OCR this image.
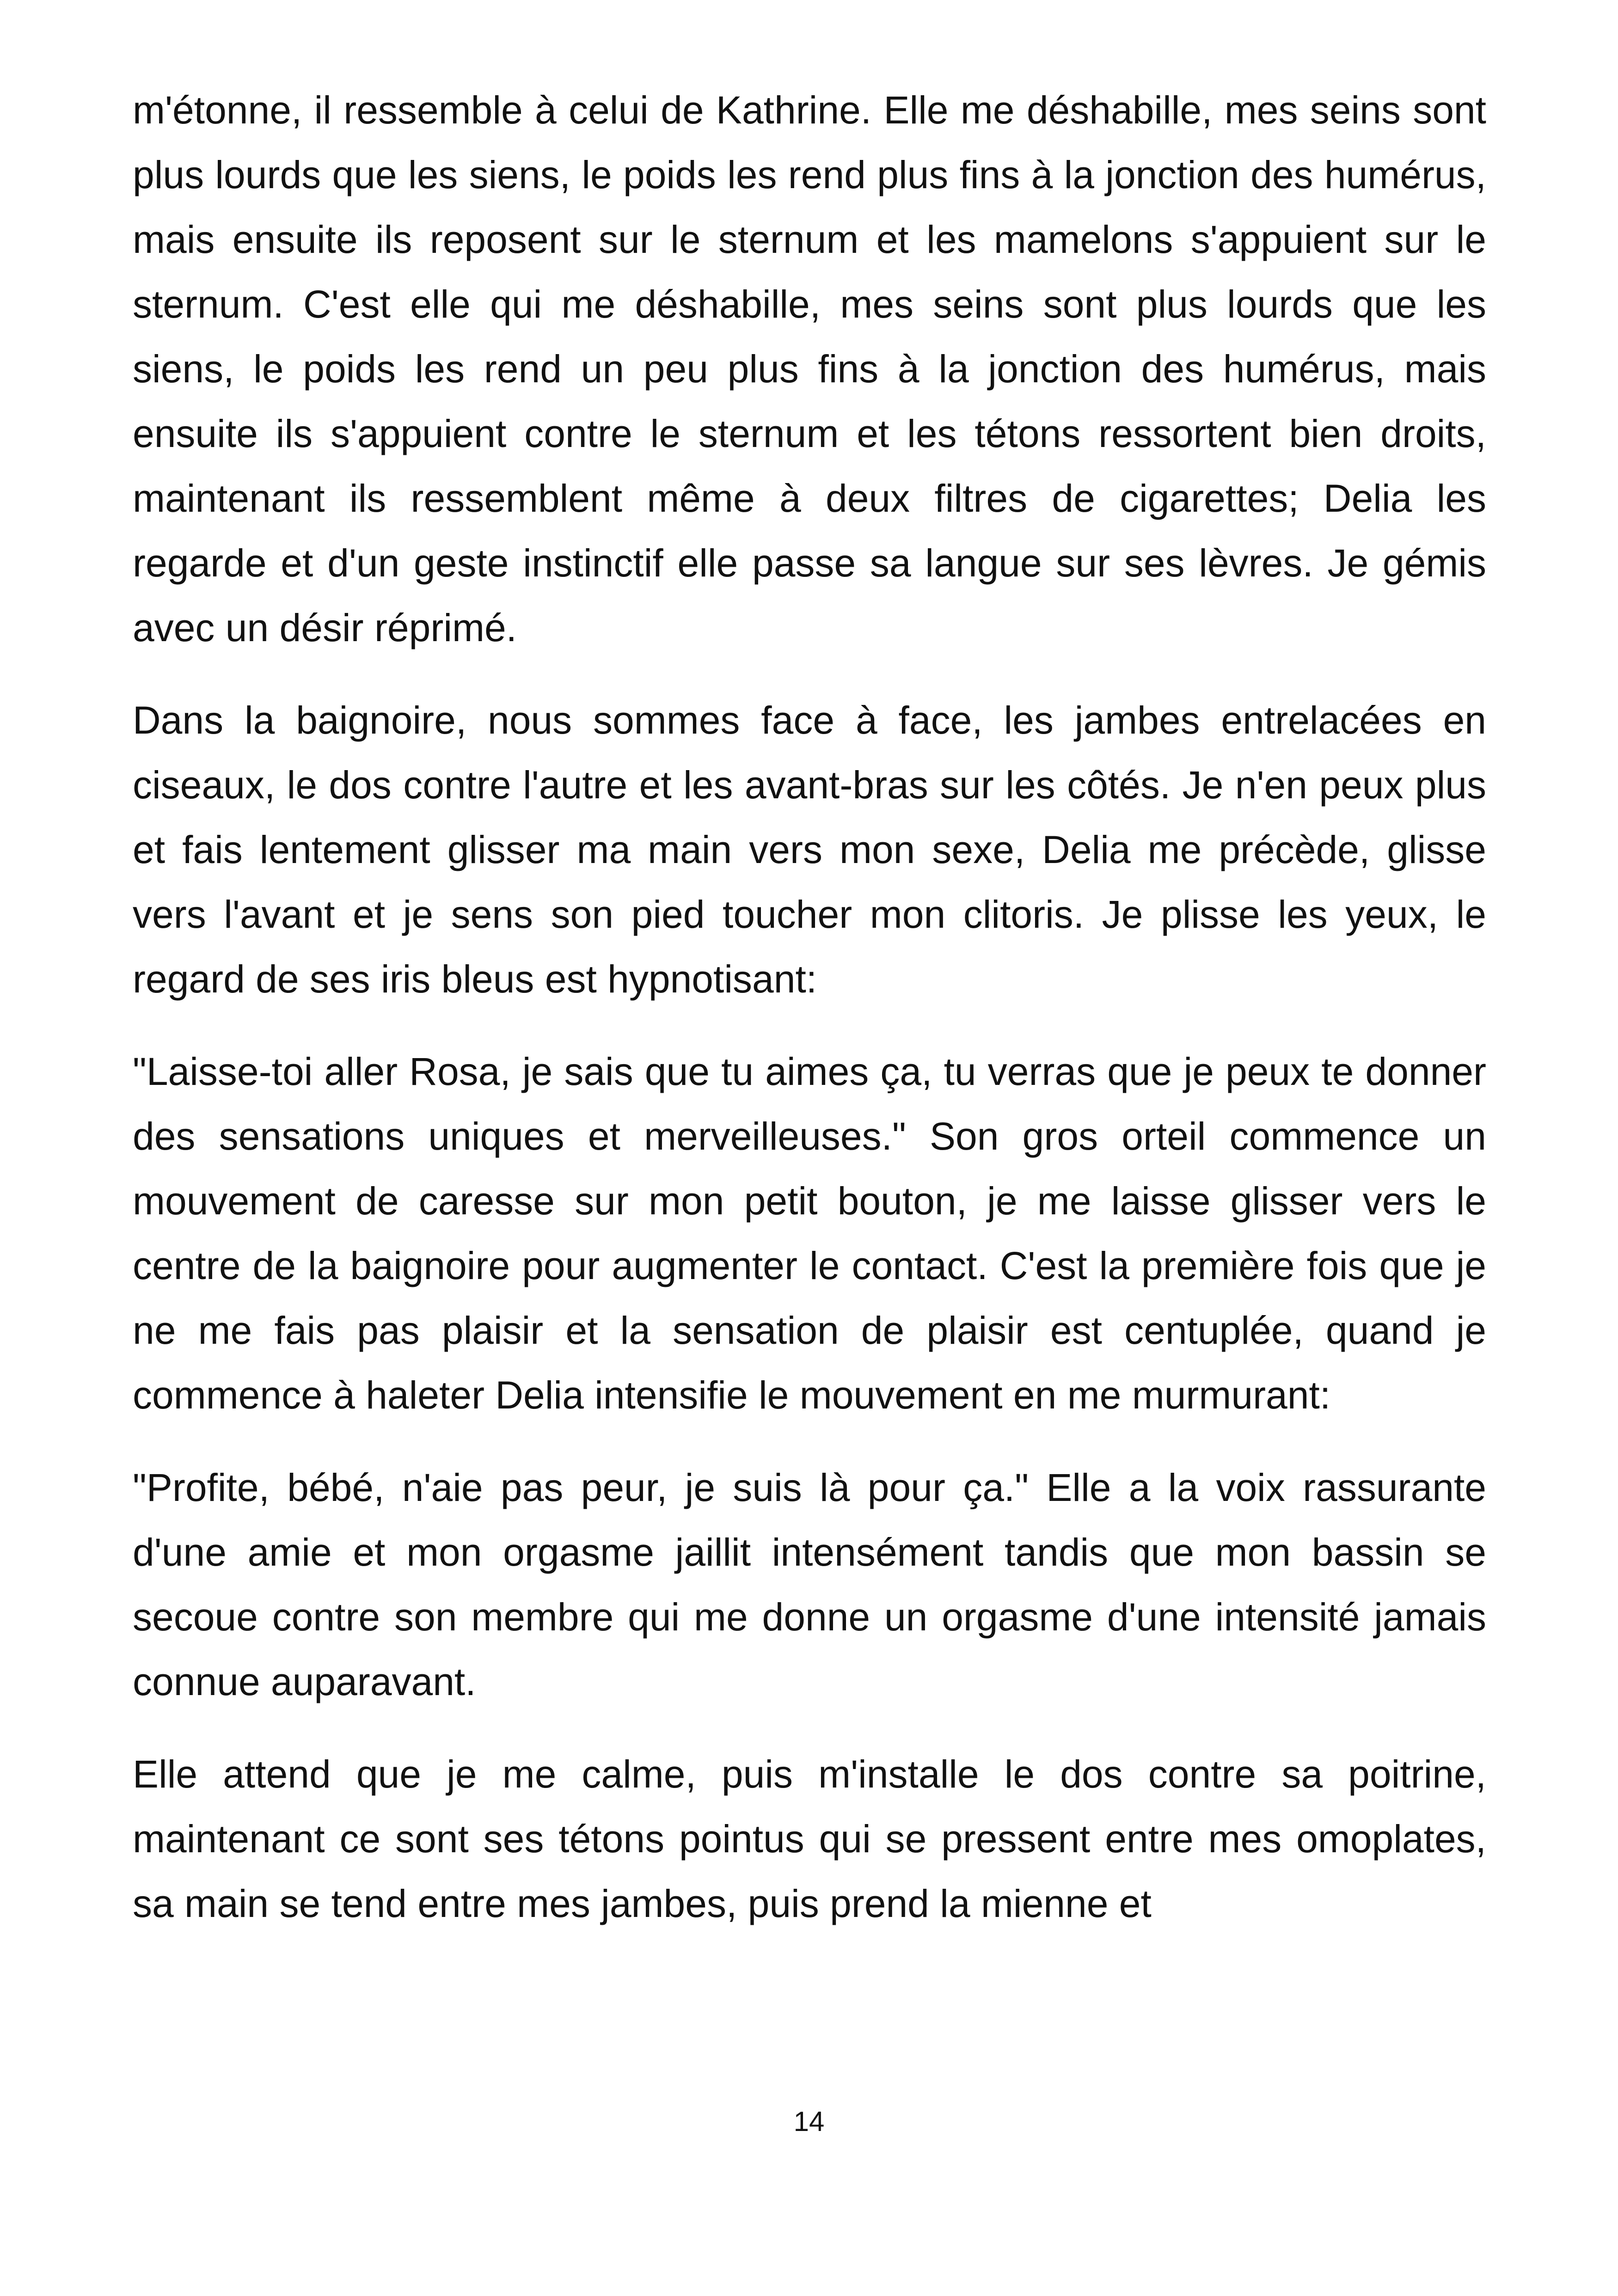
m'étonne, il ressemble à celui de Kathrine. Elle me déshabille, mes seins sont plus lourds que les siens, le poids les rend plus fins à la jonction des humérus, mais ensuite ils reposent sur le sternum et les mamelons s'appuient sur le sternum. C'est elle qui me déshabille, mes seins sont plus lourds que les siens, le poids les rend un peu plus fins à la jonction des humérus, mais ensuite ils s'appuient contre le sternum et les tétons ressortent bien droits, maintenant ils ressemblent même à deux filtres de cigarettes; Delia les regarde et d'un geste instinctif elle passe sa langue sur ses lèvres. Je gémis avec un désir réprimé.

Dans la baignoire, nous sommes face à face, les jambes entrelacées en ciseaux, le dos contre l'autre et les avant-bras sur les côtés. Je n'en peux plus et fais lentement glisser ma main vers mon sexe, Delia me précède, glisse vers l'avant et je sens son pied toucher mon clitoris. Je plisse les yeux, le regard de ses iris bleus est hypnotisant:

"Laisse-toi aller Rosa, je sais que tu aimes ça, tu verras que je peux te donner des sensations uniques et merveilleuses." Son gros orteil commence un mouvement de caresse sur mon petit bouton, je me laisse glisser vers le centre de la baignoire pour augmenter le contact. C'est la première fois que je ne me fais pas plaisir et la sensation de plaisir est centuplée, quand je commence à haleter Delia intensifie le mouvement en me murmurant:

"Profite, bébé, n'aie pas peur, je suis là pour ça." Elle a la voix rassurante d'une amie et mon orgasme jaillit intensément tandis que mon bassin se secoue contre son membre qui me donne un orgasme d'une intensité jamais connue auparavant.

Elle attend que je me calme, puis m'installe le dos contre sa poitrine, maintenant ce sont ses tétons pointus qui se pressent entre mes omoplates, sa main se tend entre mes jambes, puis prend la mienne et

14
